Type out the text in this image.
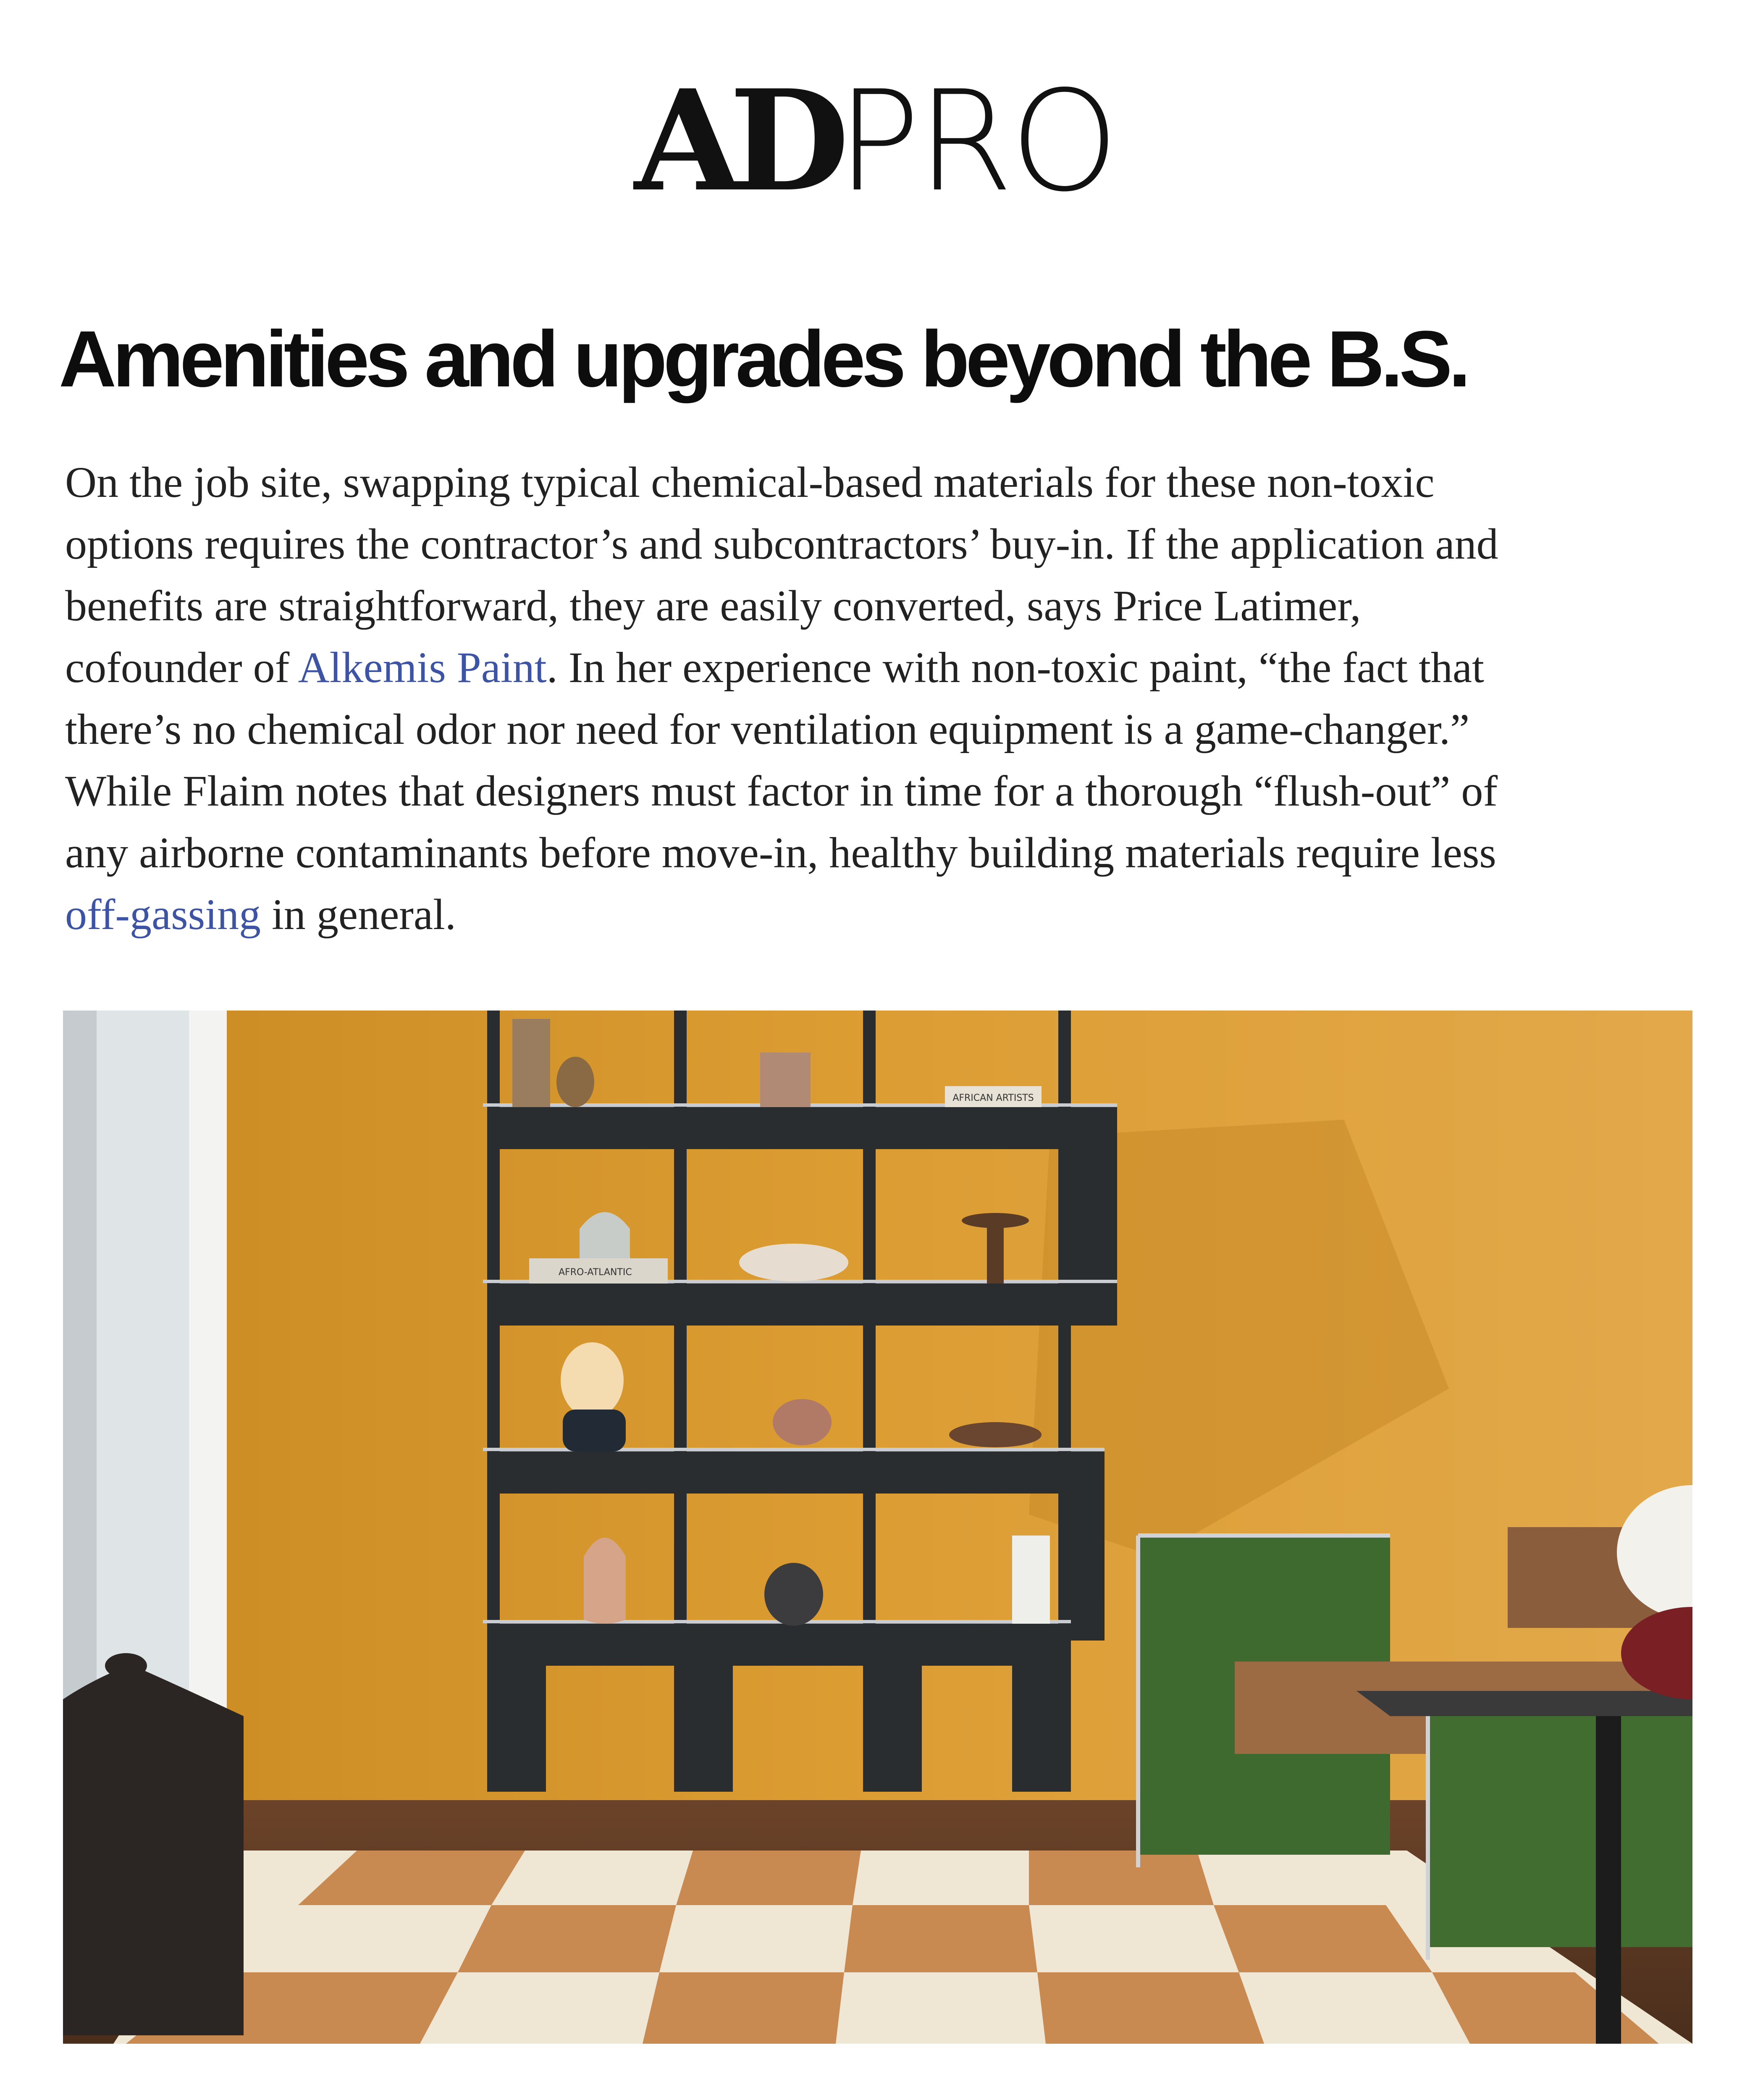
ADPRO
Amenities and upgrades beyond the B.S.
On the job site, swapping typical chemical-based materials for these non-toxic
options requires the contractor’s and subcontractors’ buy-in. If the application and
benefits are straightforward, they are easily converted, says Price Latimer,
cofounder of Alkemis Paint. In her experience with non-toxic paint, “the fact that
there’s no chemical odor nor need for ventilation equipment is a game-changer.”
While Flaim notes that designers must factor in time for a thorough “flush-out” of
any airborne contaminants before move-in, healthy building materials require less
off-gassing in general.
AFRICAN ARTISTS
AFRO-ATLANTIC
